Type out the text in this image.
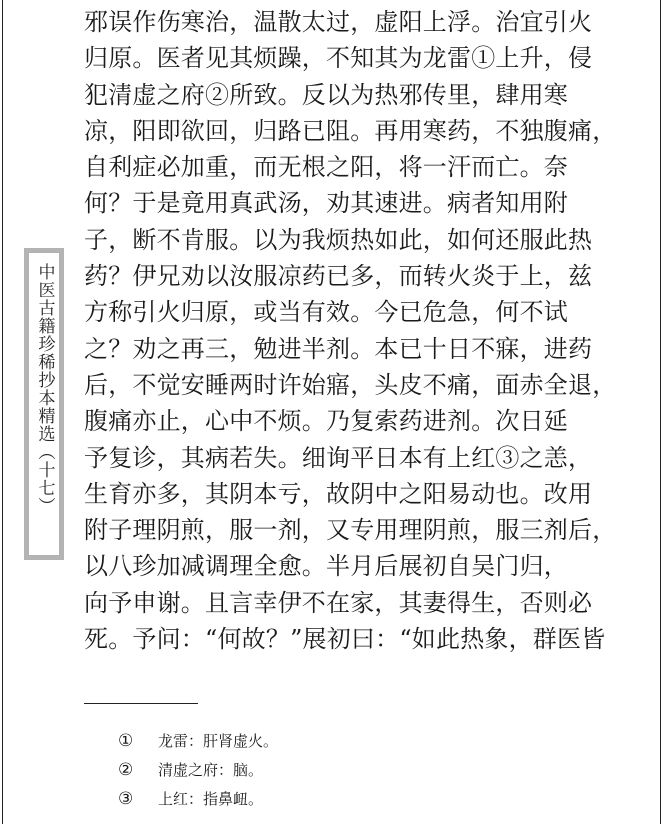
中医古籍珍稀抄本精选（十七）
邪误作伤寒治，温散太过，虚阳上浮。治宜引火
归原。医者见其烦躁，不知其为龙雷①上升，侵
犯清虚之府②所致。反以为热邪传里，肆用寒
凉，阳即欲回，归路已阻。再用寒药，不独腹痛，
自利症必加重，而无根之阳，将一汗而亡。奈
何？于是竟用真武汤，劝其速进。病者知用附
子，断不肯服。以为我烦热如此，如何还服此热
药？伊兄劝以汝服凉药已多，而转火炎于上，兹
方称引火归原，或当有效。今已危急，何不试
之？劝之再三，勉进半剂。本已十日不寐，进药
后，不觉安睡两时许始寤，头皮不痛，面赤全退，
腹痛亦止，心中不烦。乃复索药进剂。次日延
予复诊，其病若失。细询平日本有上红③之恙，
生育亦多，其阴本亏，故阴中之阳易动也。改用
附子理阴煎，服一剂，又专用理阴煎，服三剂后，
以八珍加减调理全愈。半月后展初自吴门归，
向予申谢。且言幸伊不在家，其妻得生，否则必
死。予问：“何故？”展初曰：“如此热象，群医皆
①	龙雷：肝肾虚火。
②	清虚之府：脑。
③	上红：指鼻衄。
